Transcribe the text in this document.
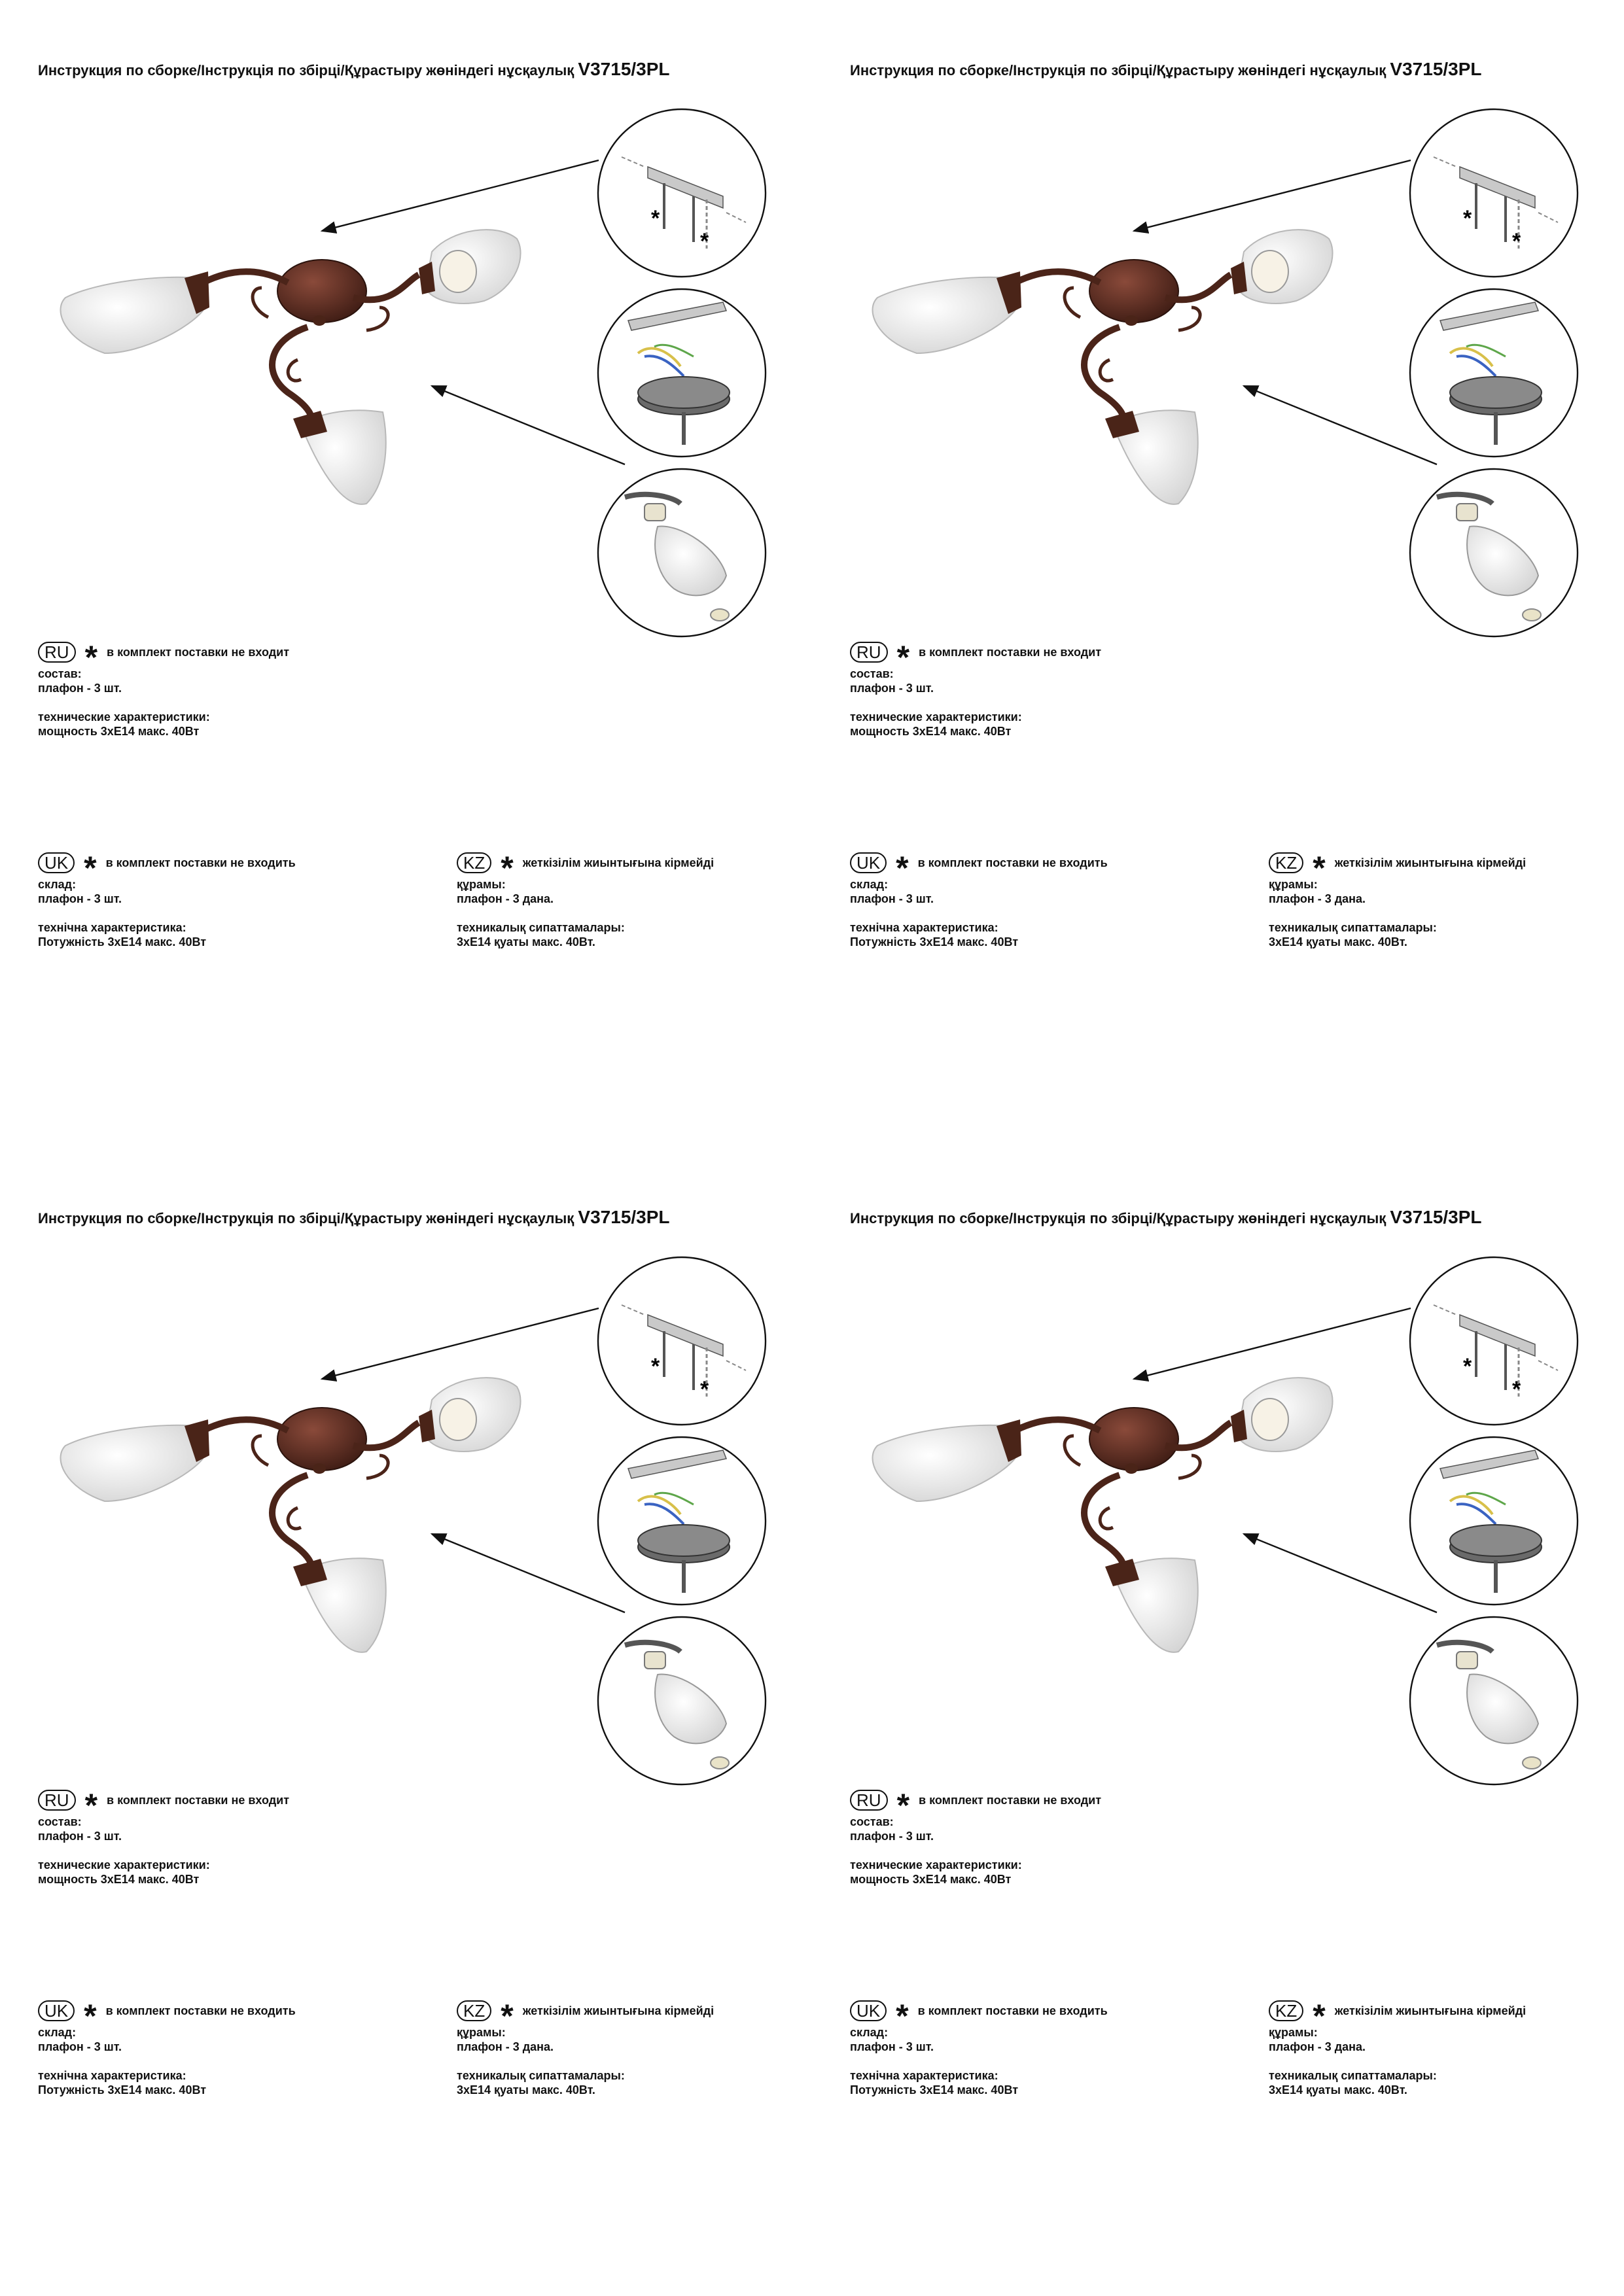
Инструкция по сборке/Інструкція по збірці/Құрастыру жөніндегі нұсқаулық V3715/3PL
*
*
RU * в комплект поставки не входит
состав:
плафон - 3 шт.
технические характеристики:
мощность 3хЕ14 макс. 40Вт
UK * в комплект поставки не входить
склад:
плафон - 3 шт.
технічна характеристика:
Потужність 3хЕ14 макс. 40Вт
KZ * жеткізілім жиынтығына кірмейді
құрамы:
плафон - 3 дана.
техникалық сипаттамалары:
3хЕ14 қуаты макс. 40Вт.
Инструкция по сборке/Інструкція по збірці/Құрастыру жөніндегі нұсқаулық V3715/3PL
*
*
RU * в комплект поставки не входит
состав:
плафон - 3 шт.
технические характеристики:
мощность 3хЕ14 макс. 40Вт
UK * в комплект поставки не входить
склад:
плафон - 3 шт.
технічна характеристика:
Потужність 3хЕ14 макс. 40Вт
KZ * жеткізілім жиынтығына кірмейді
құрамы:
плафон - 3 дана.
техникалық сипаттамалары:
3хЕ14 қуаты макс. 40Вт.
Инструкция по сборке/Інструкція по збірці/Құрастыру жөніндегі нұсқаулық V3715/3PL
*
*
RU * в комплект поставки не входит
состав:
плафон - 3 шт.
технические характеристики:
мощность 3хЕ14 макс. 40Вт
UK * в комплект поставки не входить
склад:
плафон - 3 шт.
технічна характеристика:
Потужність 3хЕ14 макс. 40Вт
KZ * жеткізілім жиынтығына кірмейді
құрамы:
плафон - 3 дана.
техникалық сипаттамалары:
3хЕ14 қуаты макс. 40Вт.
Инструкция по сборке/Інструкція по збірці/Құрастыру жөніндегі нұсқаулық V3715/3PL
*
*
RU * в комплект поставки не входит
состав:
плафон - 3 шт.
технические характеристики:
мощность 3хЕ14 макс. 40Вт
UK * в комплект поставки не входить
склад:
плафон - 3 шт.
технічна характеристика:
Потужність 3хЕ14 макс. 40Вт
KZ * жеткізілім жиынтығына кірмейді
құрамы:
плафон - 3 дана.
техникалық сипаттамалары:
3хЕ14 қуаты макс. 40Вт.
